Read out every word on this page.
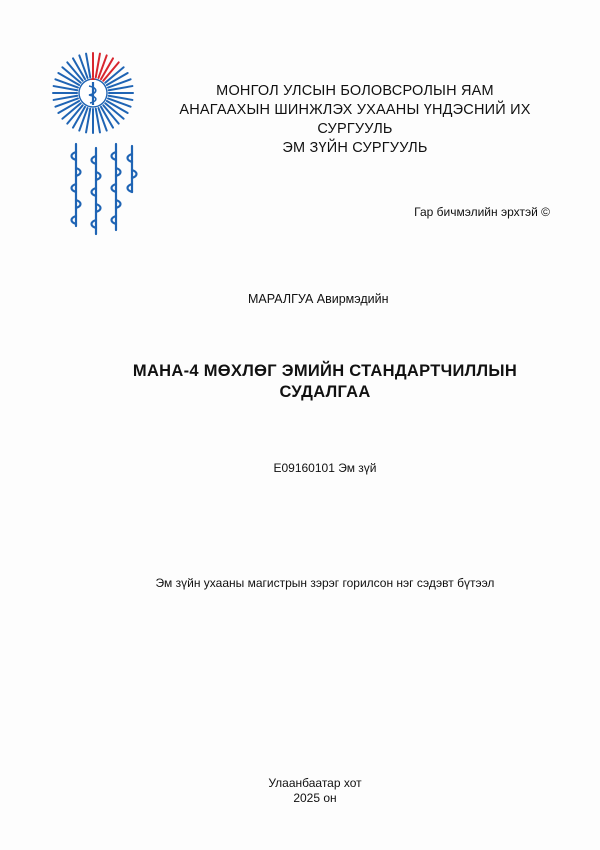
МОНГОЛ УЛСЫН БОЛОВСРОЛЫН ЯАМ
АНАГААХЫН ШИНЖЛЭХ УХААНЫ ҮНДЭСНИЙ ИХ СУРГУУЛЬ
ЭМ ЗҮЙН СУРГУУЛЬ
Гар бичмэлийн эрхтэй ©
МАРАЛГУА Авирмэдийн
МАНА-4 МӨХЛӨГ ЭМИЙН СТАНДАРТЧИЛЛЫН
СУДАЛГАА
E09160101 Эм зүй
Эм зүйн ухааны магистрын зэрэг горилсон нэг сэдэвт бүтээл
Улаанбаатар хот
2025 он
